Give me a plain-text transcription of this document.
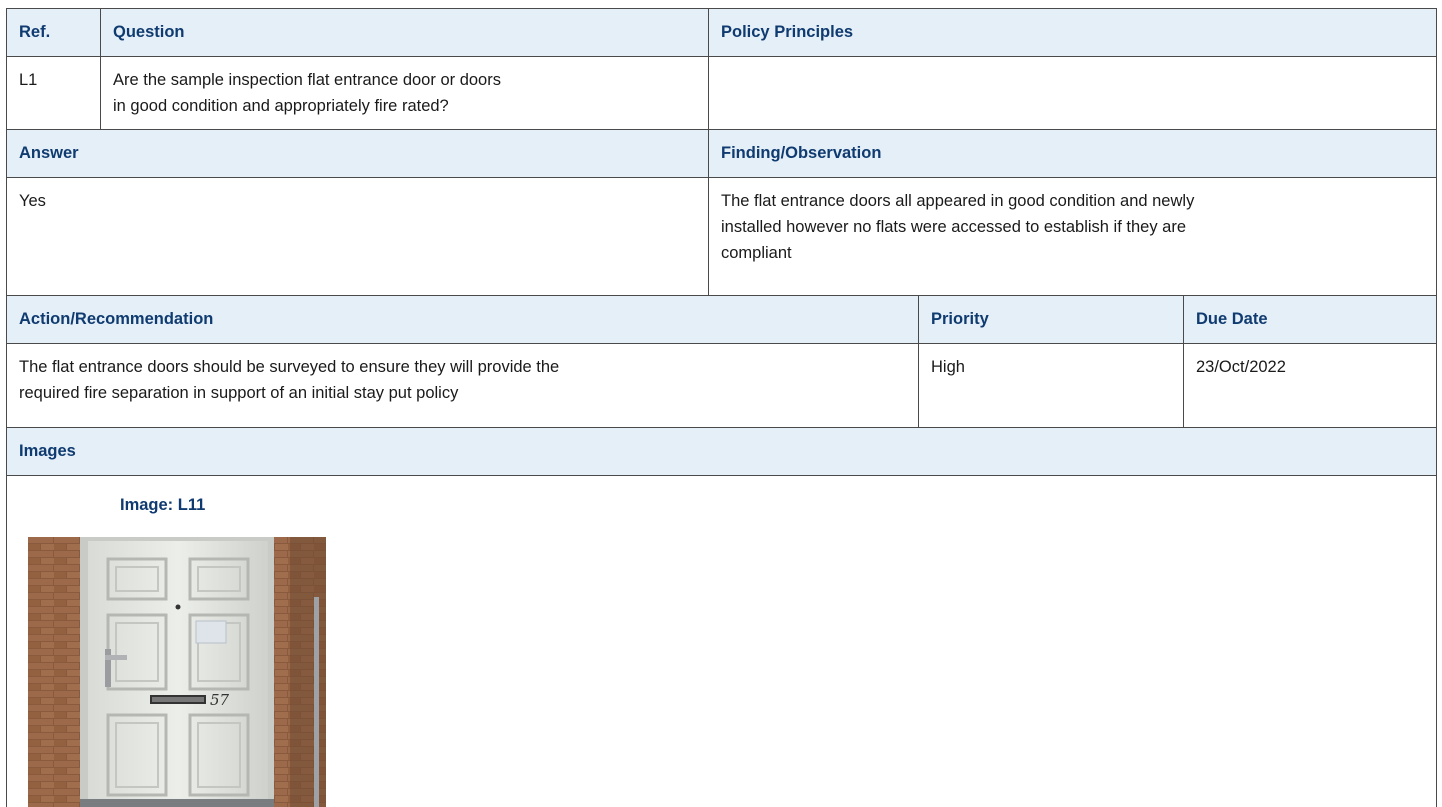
Ref.	Question	Policy Principles
L1	Are the sample inspection flat entrance door or doors
in good condition and appropriately fire rated?
Answer	Finding/Observation
Yes	The flat entrance doors all appeared in good condition and newly
installed however no flats were accessed to establish if they are
compliant
Action/Recommendation	Priority	Due Date
The flat entrance doors should be surveyed to ensure they will provide the
required fire separation in support of an initial stay put policy
High	23/Oct/2022
Images
Image: L11
57
